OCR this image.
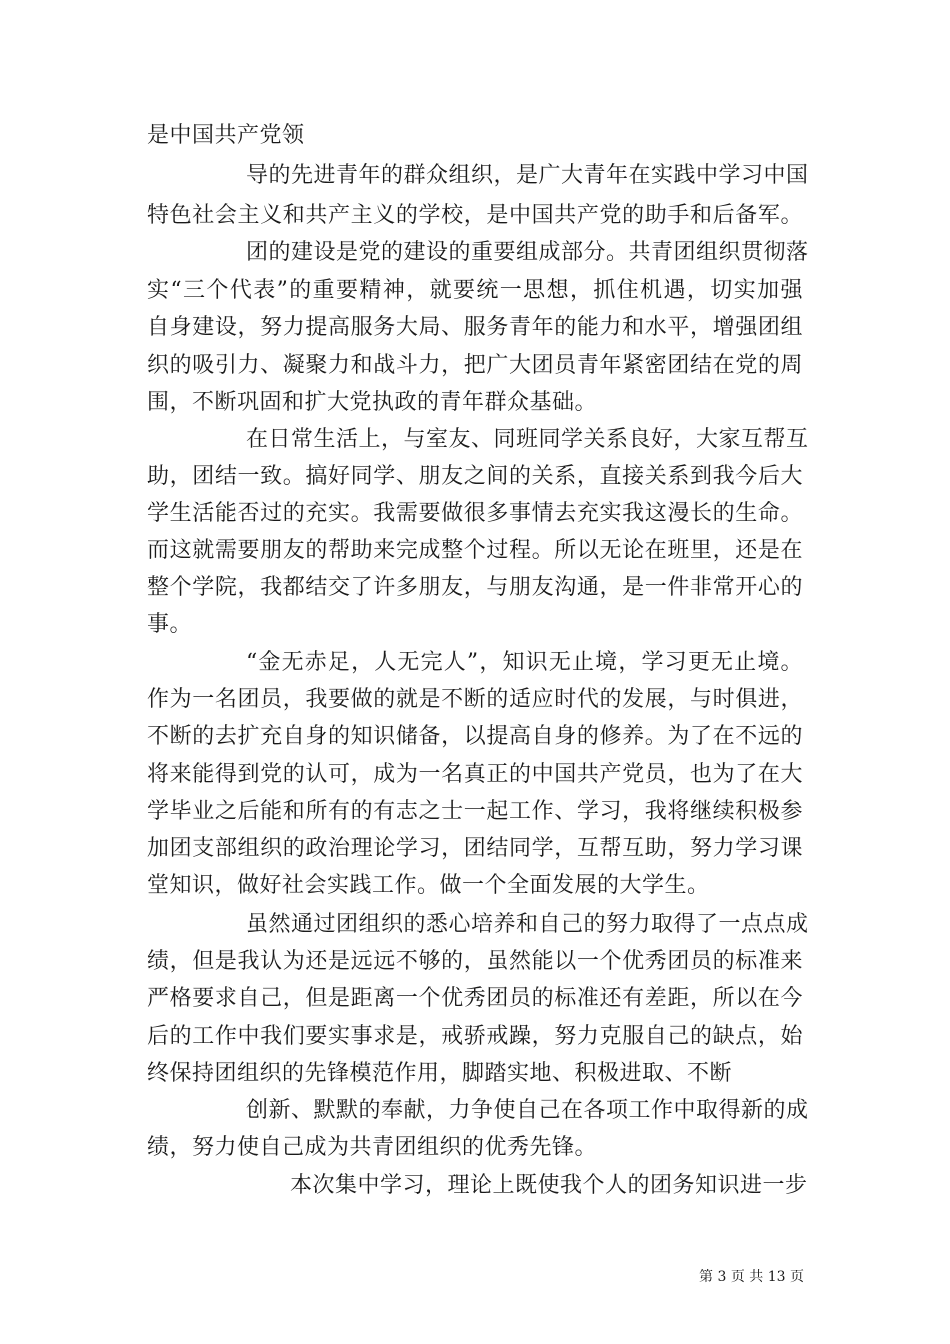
是中国共产党领
导的先进青年的群众组织，是广大青年在实践中学习中国
特色社会主义和共产主义的学校，是中国共产党的助手和后备军。
团的建设是党的建设的重要组成部分。共青团组织贯彻落
实“三个代表”的重要精神，就要统一思想，抓住机遇，切实加强
自身建设，努力提高服务大局、服务青年的能力和水平，增强团组
织的吸引力、凝聚力和战斗力，把广大团员青年紧密团结在党的周
围，不断巩固和扩大党执政的青年群众基础。
在日常生活上，与室友、同班同学关系良好，大家互帮互
助，团结一致。搞好同学、朋友之间的关系，直接关系到我今后大
学生活能否过的充实。我需要做很多事情去充实我这漫长的生命。
而这就需要朋友的帮助来完成整个过程。所以无论在班里，还是在
整个学院，我都结交了许多朋友，与朋友沟通，是一件非常开心的
事。
“金无赤足，人无完人”，知识无止境，学习更无止境。
作为一名团员，我要做的就是不断的适应时代的发展，与时俱进，
不断的去扩充自身的知识储备，以提高自身的修养。为了在不远的
将来能得到党的认可，成为一名真正的中国共产党员，也为了在大
学毕业之后能和所有的有志之士一起工作、学习，我将继续积极参
加团支部组织的政治理论学习，团结同学，互帮互助，努力学习课
堂知识，做好社会实践工作。做一个全面发展的大学生。
虽然通过团组织的悉心培养和自己的努力取得了一点点成
绩，但是我认为还是远远不够的，虽然能以一个优秀团员的标准来
严格要求自己，但是距离一个优秀团员的标准还有差距，所以在今
后的工作中我们要实事求是，戒骄戒躁，努力克服自己的缺点，始
终保持团组织的先锋模范作用，脚踏实地、积极进取、不断
创新、默默的奉献，力争使自己在各项工作中取得新的成
绩，努力使自己成为共青团组织的优秀先锋。
本次集中学习，理论上既使我个人的团务知识进一步
第 3 页 共 13 页
